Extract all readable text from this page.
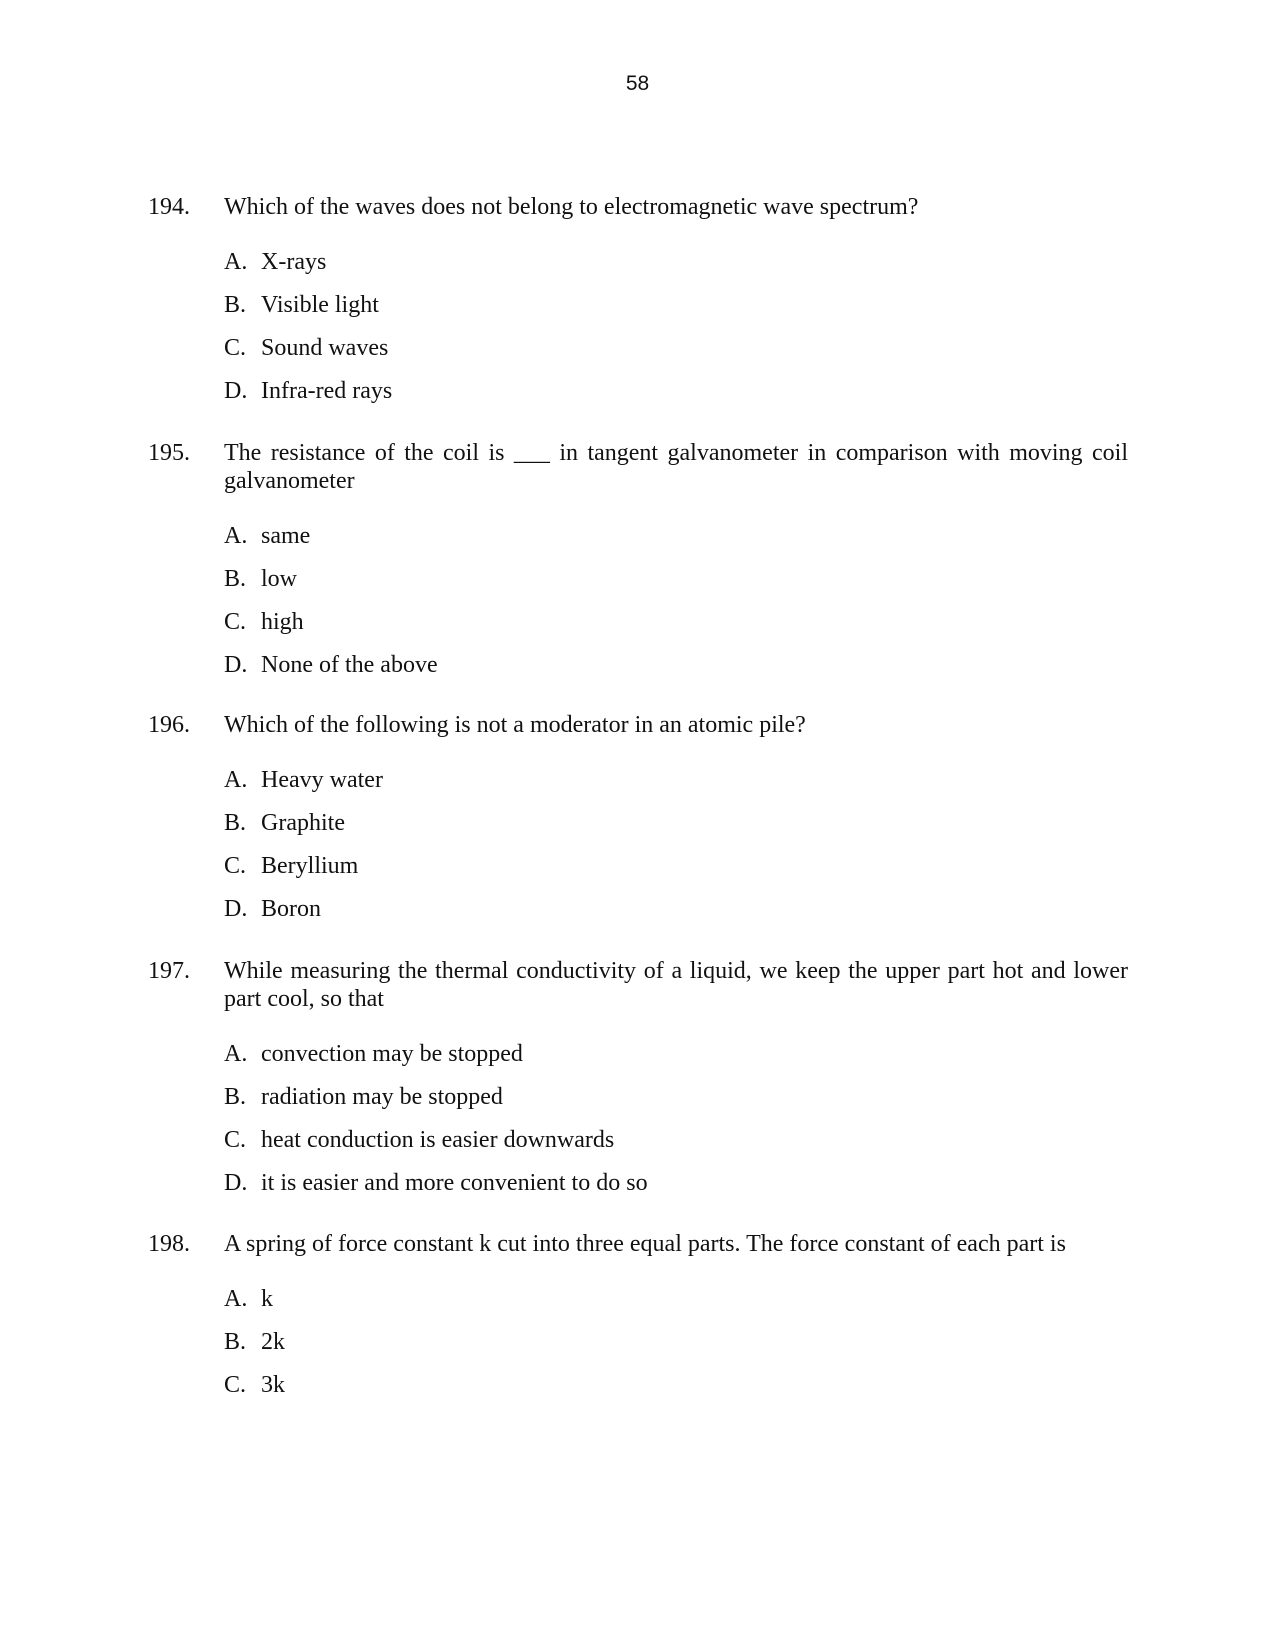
58
194.	Which of the waves does not belong to electromagnetic wave spectrum?
A. X-rays
B. Visible light
C. Sound waves
D. Infra-red rays
195.	The resistance of the coil is ___ in tangent galvanometer in comparison with moving coil galvanometer
A. same
B. low
C. high
D. None of the above
196.	Which of the following is not a moderator in an atomic pile?
A. Heavy water
B. Graphite
C. Beryllium
D. Boron
197.	While measuring the thermal conductivity of a liquid, we keep the upper part hot and lower part cool, so that
A. convection may be stopped
B. radiation may be stopped
C. heat conduction is easier downwards
D. it is easier and more convenient to do so
198.	A spring of force constant k cut into three equal parts. The force constant of each part is
A. k
B. 2k
C. 3k
